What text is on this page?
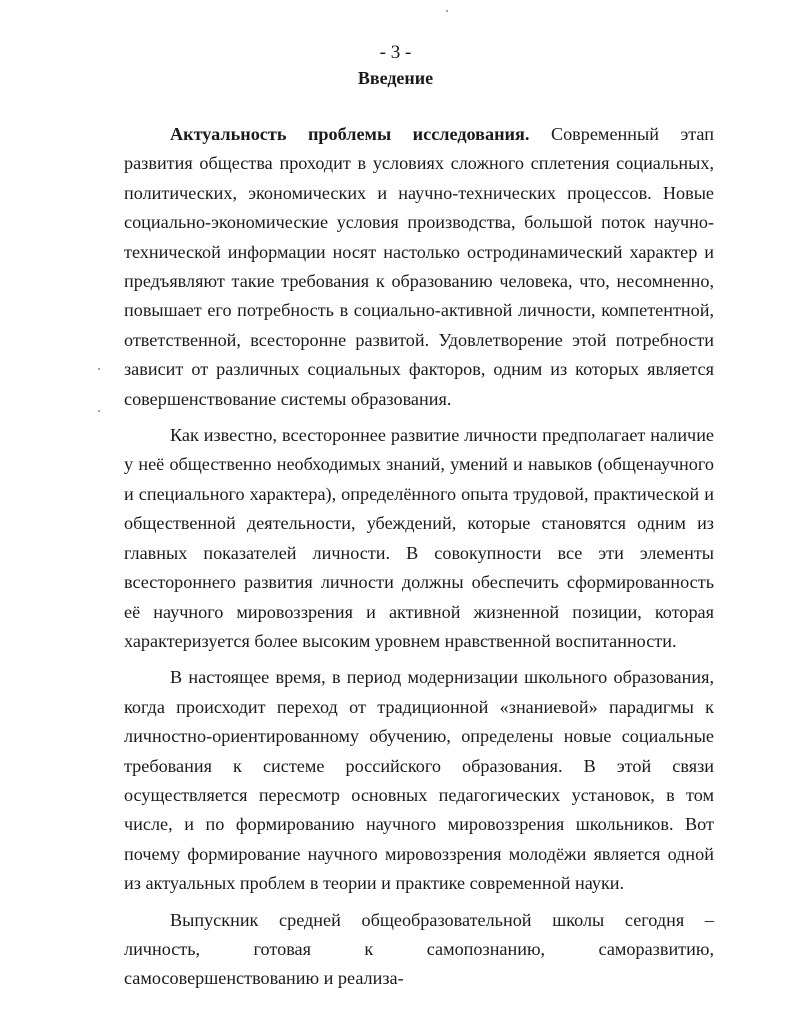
- 3 -
Введение

Актуальность проблемы исследования. Современный этап развития общества проходит в условиях сложного сплетения социальных, политических, экономических и научно-технических процессов. Новые социально-экономические условия производства, большой поток научно-технической информации носят настолько остродинамический характер и предъявляют такие требования к образованию человека, что, несомненно, повышает его потребность в социально-активной личности, компетентной, ответственной, всесторонне развитой. Удовлетворение этой потребности зависит от различных социальных факторов, одним из которых является совершенствование системы образования.

Как известно, всестороннее развитие личности предполагает наличие у неё общественно необходимых знаний, умений и навыков (общенаучного и специального характера), определённого опыта трудовой, практической и общественной деятельности, убеждений, которые становятся одним из главных показателей личности. В совокупности все эти элементы всестороннего развития личности должны обеспечить сформированность её научного мировоззрения и активной жизненной позиции, которая характеризуется более высоким уровнем нравственной воспитанности.

В настоящее время, в период модернизации школьного образования, когда происходит переход от традиционной «знаниевой» парадигмы к личностно-ориентированному обучению, определены новые социальные требования к системе российского образования. В этой связи осуществляется пересмотр основных педагогических установок, в том числе, и по формированию научного мировоззрения школьников. Вот почему формирование научного мировоззрения молодёжи является одной из актуальных проблем в теории и практике современной науки.

Выпускник средней общеобразовательной школы сегодня – личность, готовая к самопознанию, саморазвитию, самосовершенствованию и реализа-
